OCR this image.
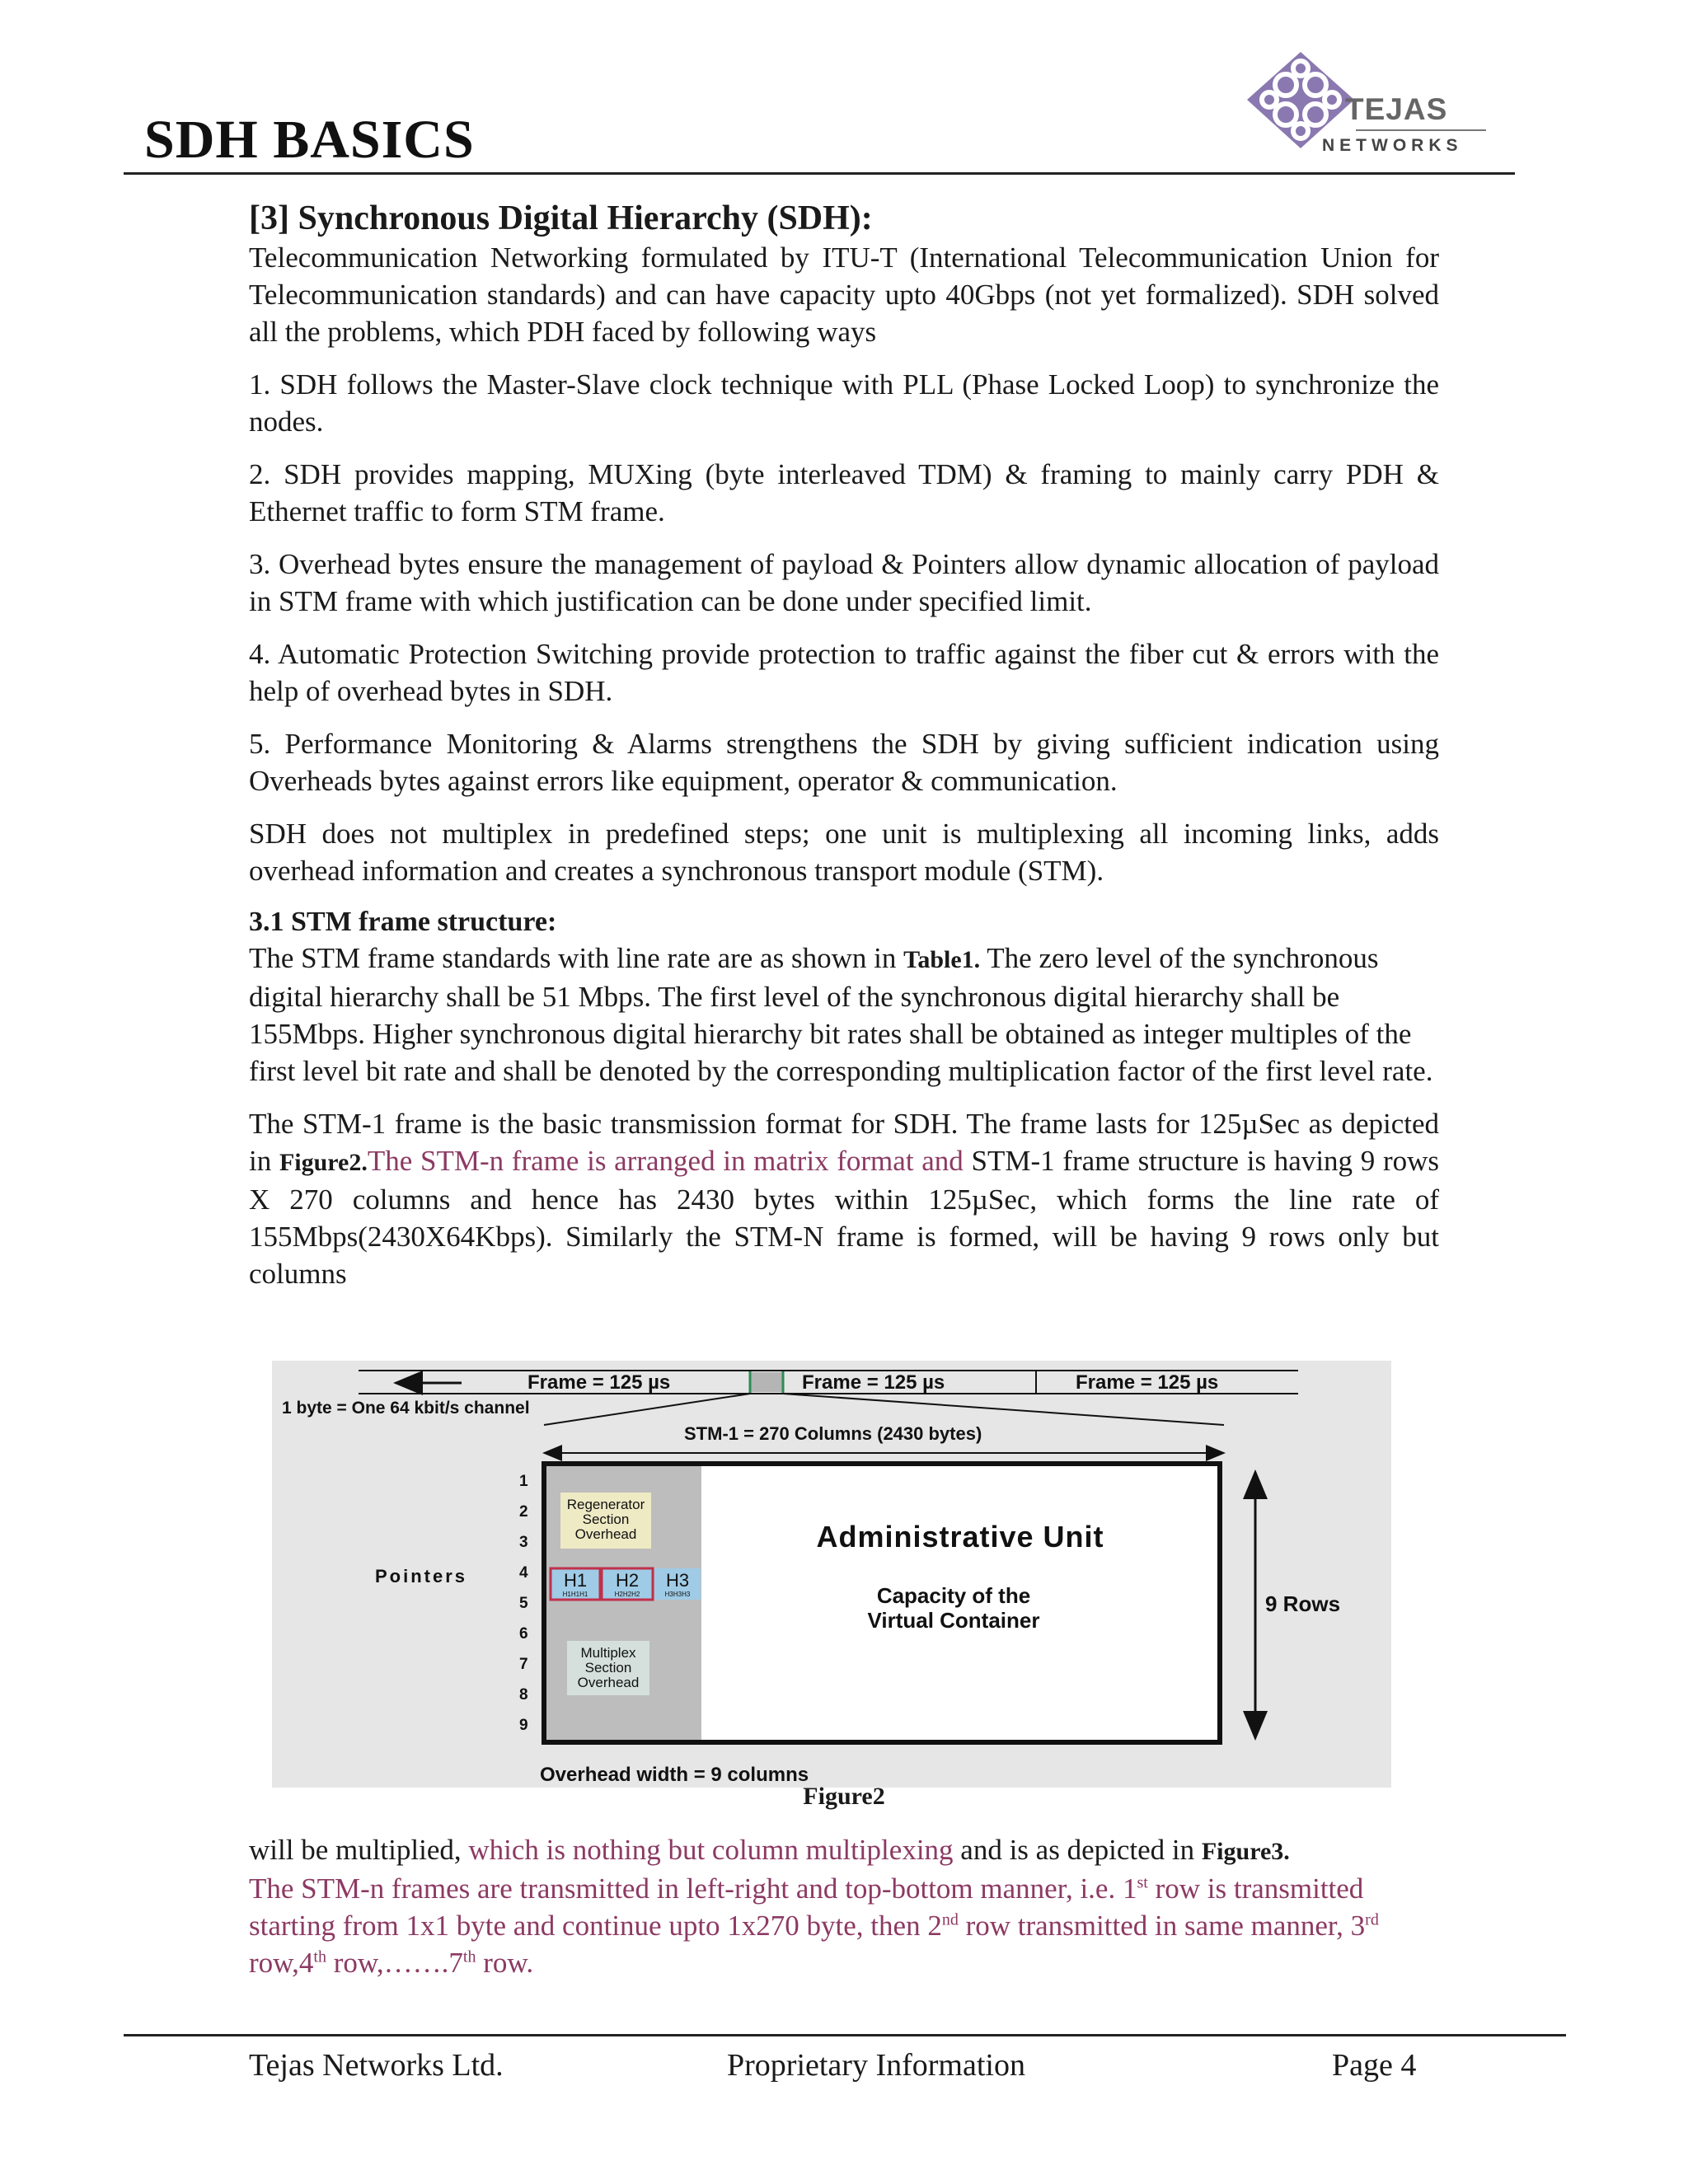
SDH BASICS
TEJAS
NETWORKS
[3] Synchronous Digital Hierarchy (SDH):

Telecommunication Networking formulated by ITU-T (International Telecommunication Union for Telecommunication standards) and can have capacity upto 40Gbps (not yet formalized). SDH solved all the problems, which PDH faced by following ways

1. SDH follows the Master-Slave clock technique with PLL (Phase Locked Loop) to synchronize the nodes.

2. SDH provides mapping, MUXing (byte interleaved TDM) & framing to mainly carry PDH & Ethernet traffic to form STM frame.

3. Overhead bytes ensure the management of payload & Pointers allow dynamic allocation of payload in STM frame with which justification can be done under specified limit.

4. Automatic Protection Switching provide protection to traffic against the fiber cut & errors with the help of overhead bytes in SDH.

5. Performance Monitoring & Alarms strengthens the SDH by giving sufficient indication using Overheads bytes against errors like equipment, operator & communication.

SDH does not multiplex in predefined steps; one unit is multiplexing all incoming links, adds overhead information and creates a synchronous transport module (STM).

3.1 STM frame structure:

The STM frame standards with line rate are as shown in Table1. The zero level of the synchronous digital hierarchy shall be 51 Mbps. The first level of the synchronous digital hierarchy shall be 155Mbps. Higher synchronous digital hierarchy bit rates shall be obtained as integer multiples of the first level bit rate and shall be denoted by the corresponding multiplication factor of the first level rate.

The STM-1 frame is the basic transmission format for SDH. The frame lasts for 125µSec as depicted in Figure2.The STM-n frame is arranged in matrix format and STM-1 frame structure is having 9 rows X 270 columns and hence has 2430 bytes within 125µSec, which forms the line rate of 155Mbps(2430X64Kbps). Similarly the STM-N frame is formed, will be having 9 rows only but columns

Frame = 125 µs	Frame = 125 µs	Frame = 125 µs
1 byte = One 64 kbit/s channel
STM-1 = 270 Columns (2430 bytes)
Regenerator
Section
Overhead
H1 H2 H3
H1H1H1	H2H2H2	H3H3H3
Multiplex
Section
Overhead
1
2
3
4
5
6
7
8
9
Pointers
Administrative Unit
Capacity of the
Virtual Container
9 Rows
Overhead width = 9 columns
Figure2

will be multiplied, which is nothing but column multiplexing and is as depicted in Figure3.

The STM-n frames are transmitted in left-right and top-bottom manner, i.e. 1st row is transmitted starting from 1x1 byte and continue upto 1x270 byte, then 2nd row transmitted in same manner, 3rd row,4th row,…….7th row.

Tejas Networks Ltd.	Proprietary Information	Page 4
